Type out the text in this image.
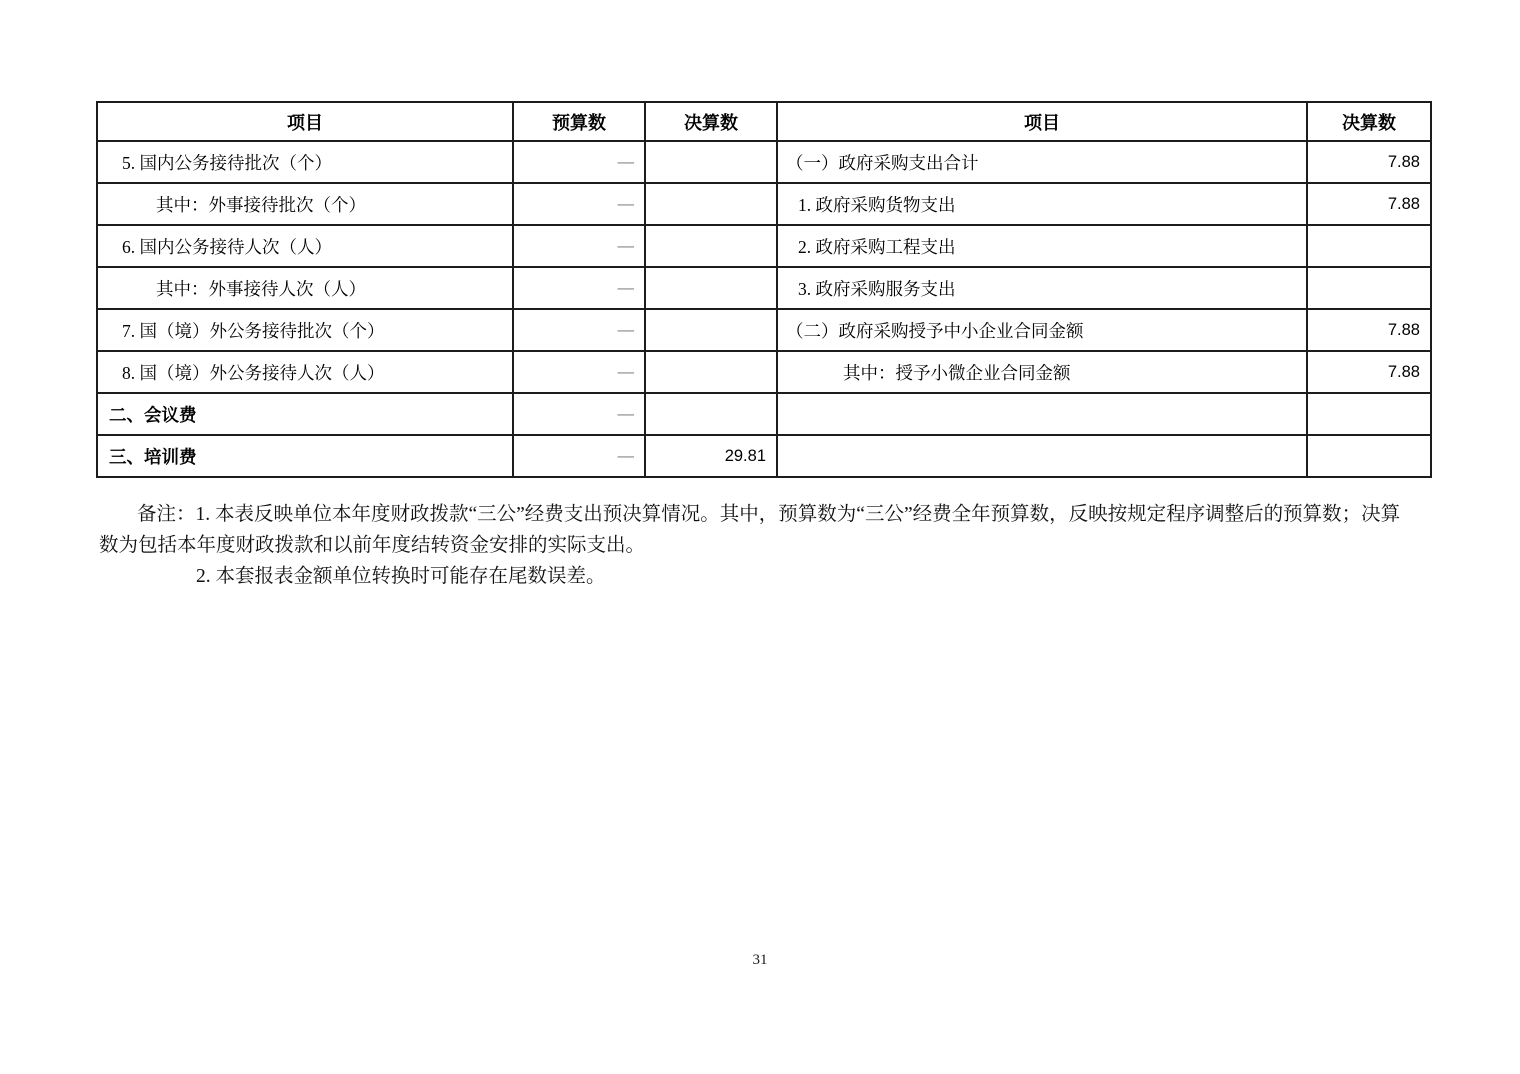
项目	预算数	决算数	项目	决算数
5. 国内公务接待批次（个）	—		（一）政府采购支出合计	7.88
其中：外事接待批次（个）	—		1. 政府采购货物支出	7.88
6. 国内公务接待人次（人）	—		2. 政府采购工程支出	
其中：外事接待人次（人）	—		3. 政府采购服务支出	
7. 国（境）外公务接待批次（个）	—		（二）政府采购授予中小企业合同金额	7.88
8. 国（境）外公务接待人次（人）	—		其中：授予小微企业合同金额	7.88
二、会议费	—			
三、培训费	—	29.81		
备注：1. 本表反映单位本年度财政拨款“三公”经费支出预决算情况。其中，预算数为“三公”经费全年预算数，反映按规定程序调整后的预算数；决算
数为包括本年度财政拨款和以前年度结转资金安排的实际支出。
2. 本套报表金额单位转换时可能存在尾数误差。
31
